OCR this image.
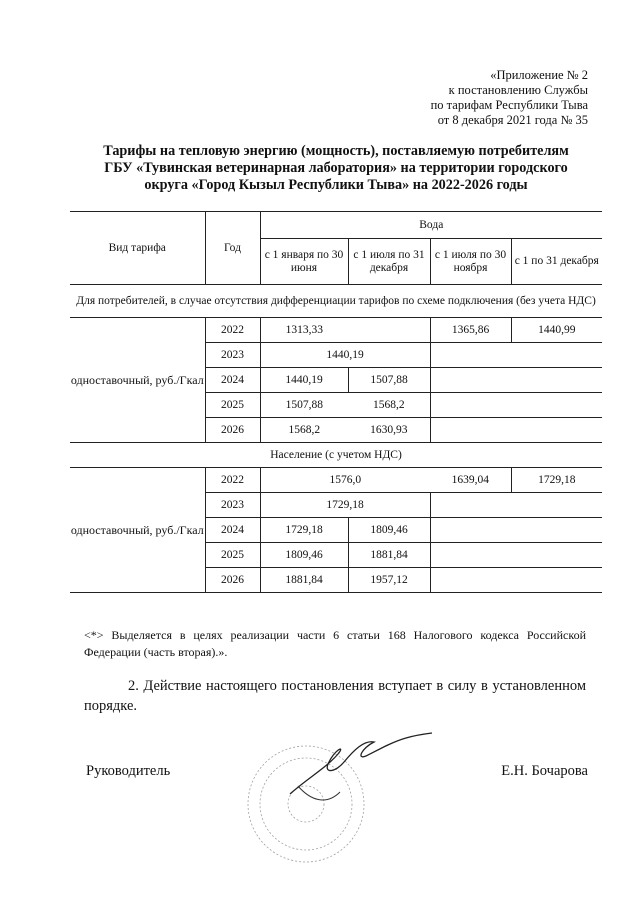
«Приложение № 2
к постановлению Службы
по тарифам Республики Тыва
от 8 декабря 2021 года № 35
Тарифы на тепловую энергию (мощность), поставляемую потребителям
ГБУ «Тувинская ветеринарная лаборатория» на территории городского
округа «Город Кызыл Республики Тыва» на 2022-2026 годы
Вид тарифа	Год	Вода			
		с 1 января по 30 июня	с 1 июля по 31 декабря	с 1 июля по 30 ноября	с 1 по 31 декабря
Для потребителей, в случае отсутствия дифференциации тарифов по схеме подключения (без учета НДС)					
одноставочный, руб./Гкал	2022	1313,33		1365,86	1440,99
	2023	1440,19			
	2024	1440,19	1507,88		
	2025	1507,88	1568,2		
	2026	1568,2	1630,93		
Население (с учетом НДС)					
одноставочный, руб./Гкал	2022	1576,0		1639,04	1729,18
	2023	1729,18			
	2024	1729,18	1809,46		
	2025	1809,46	1881,84		
	2026	1881,84	1957,12		
<*> Выделяется в целях реализации части 6 статьи 168 Налогового кодекса Российской Федерации (часть вторая).».
2. Действие настоящего постановления вступает в силу в установленном порядке.
Руководитель	Е.Н. Бочарова
